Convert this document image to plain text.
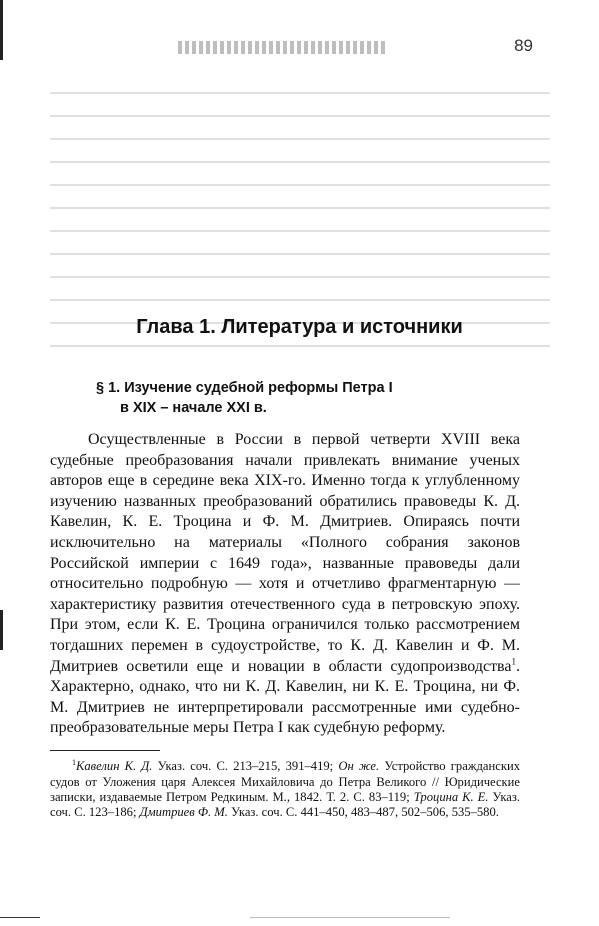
89
Глава 1. Литература и источники
§ 1. Изучение судебной реформы Петра I
в XIX – начале XXI в.

Осуществленные в России в первой четверти XVIII века судебные преобразования начали привлекать внимание ученых авторов еще в середине века XIX-го. Именно тогда к углубленному изучению названных преобразований обратились правоведы К. Д. Кавелин, К. Е. Троцина и Ф. М. Дмитриев. Опираясь почти исключительно на материалы «Полного собрания законов Российской империи с 1649 года», названные правоведы дали относительно подробную — хотя и отчетливо фрагментарную — характеристику развития отечественного суда в петровскую эпоху. При этом, если К. Е. Троцина ограничился только рассмотрением тогдашних перемен в судоустройстве, то К. Д. Кавелин и Ф. М. Дмитриев осветили еще и новации в области судопроизводства$^1$. Характерно, однако, что ни К. Д. Кавелин, ни К. Е. Троцина, ни Ф. М. Дмитриев не интерпретировали рассмотренные ими судебно-преобразовательные меры Петра I как судебную реформу.

$^1$Кавелин К. Д. Указ. соч. С. 213–215, 391–419; Он же. Устройство гражданских судов от Уложения царя Алексея Михайловича до Петра Великого // Юридические записки, издаваемые Петром Редкиным. М., 1842. Т. 2. С. 83–119; Троцина К. Е. Указ. соч. С. 123–186; Дмитриев Ф. М. Указ. соч. С. 441–450, 483–487, 502–506, 535–580.
